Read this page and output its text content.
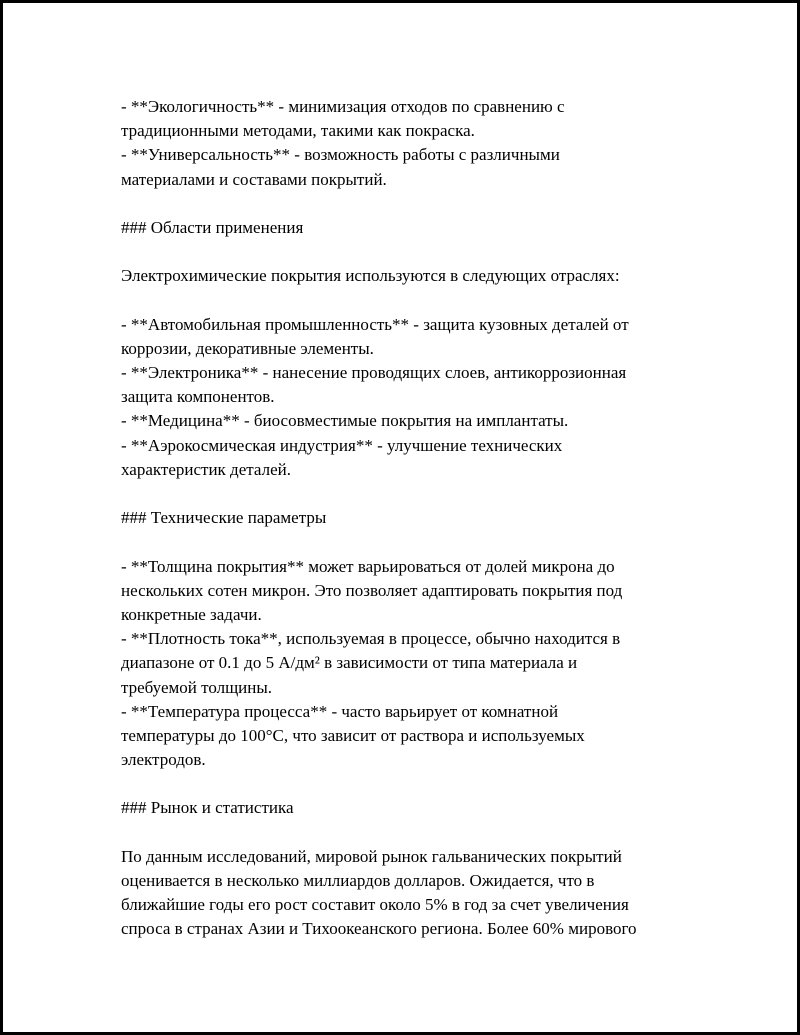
- **Экологичность** - минимизация отходов по сравнению с

традиционными методами, такими как покраска.

- **Универсальность** - возможность работы с различными

материалами и составами покрытий.

### Области применения

Электрохимические покрытия используются в следующих отраслях:

- **Автомобильная промышленность** - защита кузовных деталей от

коррозии, декоративные элементы.

- **Электроника** - нанесение проводящих слоев, антикоррозионная

защита компонентов.

- **Медицина** - биосовместимые покрытия на имплантаты.

- **Аэрокосмическая индустрия** - улучшение технических

характеристик деталей.

### Технические параметры

- **Толщина покрытия** может варьироваться от долей микрона до

нескольких сотен микрон. Это позволяет адаптировать покрытия под

конкретные задачи.

- **Плотность тока**, используемая в процессе, обычно находится в

диапазоне от 0.1 до 5 А/дм² в зависимости от типа материала и

требуемой толщины.

- **Температура процесса** - часто варьирует от комнатной

температуры до 100°C, что зависит от раствора и используемых

электродов.

### Рынок и статистика

По данным исследований, мировой рынок гальванических покрытий

оценивается в несколько миллиардов долларов. Ожидается, что в

ближайшие годы его рост составит около 5% в год за счет увеличения

спроса в странах Азии и Тихоокеанского региона. Более 60% мирового
